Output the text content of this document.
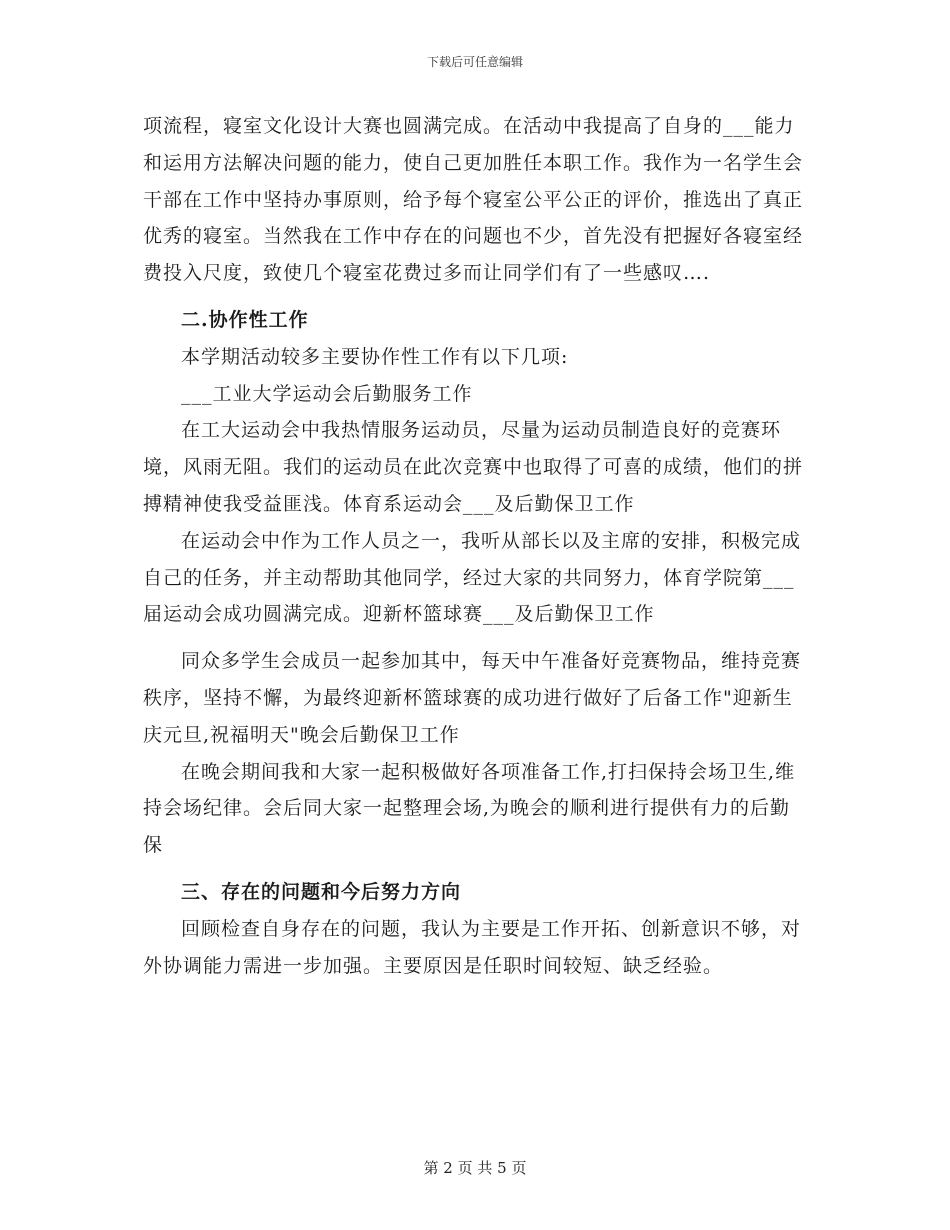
下载后可任意编辑

项流程，寝室文化设计大赛也圆满完成。在活动中我提高了自身的___能力和运用方法解决问题的能力，使自己更加胜任本职工作。我作为一名学生会干部在工作中坚持办事原则，给予每个寝室公平公正的评价，推选出了真正优秀的寝室。当然我在工作中存在的问题也不少，首先没有把握好各寝室经费投入尺度，致使几个寝室花费过多而让同学们有了一些感叹….

二.协作性工作

本学期活动较多主要协作性工作有以下几项:

___工业大学运动会后勤服务工作

在工大运动会中我热情服务运动员，尽量为运动员制造良好的竞赛环境，风雨无阻。我们的运动员在此次竞赛中也取得了可喜的成绩，他们的拼搏精神使我受益匪浅。体育系运动会___及后勤保卫工作

在运动会中作为工作人员之一，我听从部长以及主席的安排，积极完成自己的任务，并主动帮助其他同学，经过大家的共同努力，体育学院第___届运动会成功圆满完成。迎新杯篮球赛___及后勤保卫工作

同众多学生会成员一起参加其中，每天中午准备好竞赛物品，维持竞赛秩序，坚持不懈，为最终迎新杯篮球赛的成功进行做好了后备工作"迎新生庆元旦,祝福明天"晚会后勤保卫工作

在晚会期间我和大家一起积极做好各项准备工作,打扫保持会场卫生,维持会场纪律。会后同大家一起整理会场,为晚会的顺利进行提供有力的后勤保

三、存在的问题和今后努力方向

回顾检查自身存在的问题，我认为主要是工作开拓、创新意识不够，对外协调能力需进一步加强。主要原因是任职时间较短、缺乏经验。

第 2 页 共 5 页
